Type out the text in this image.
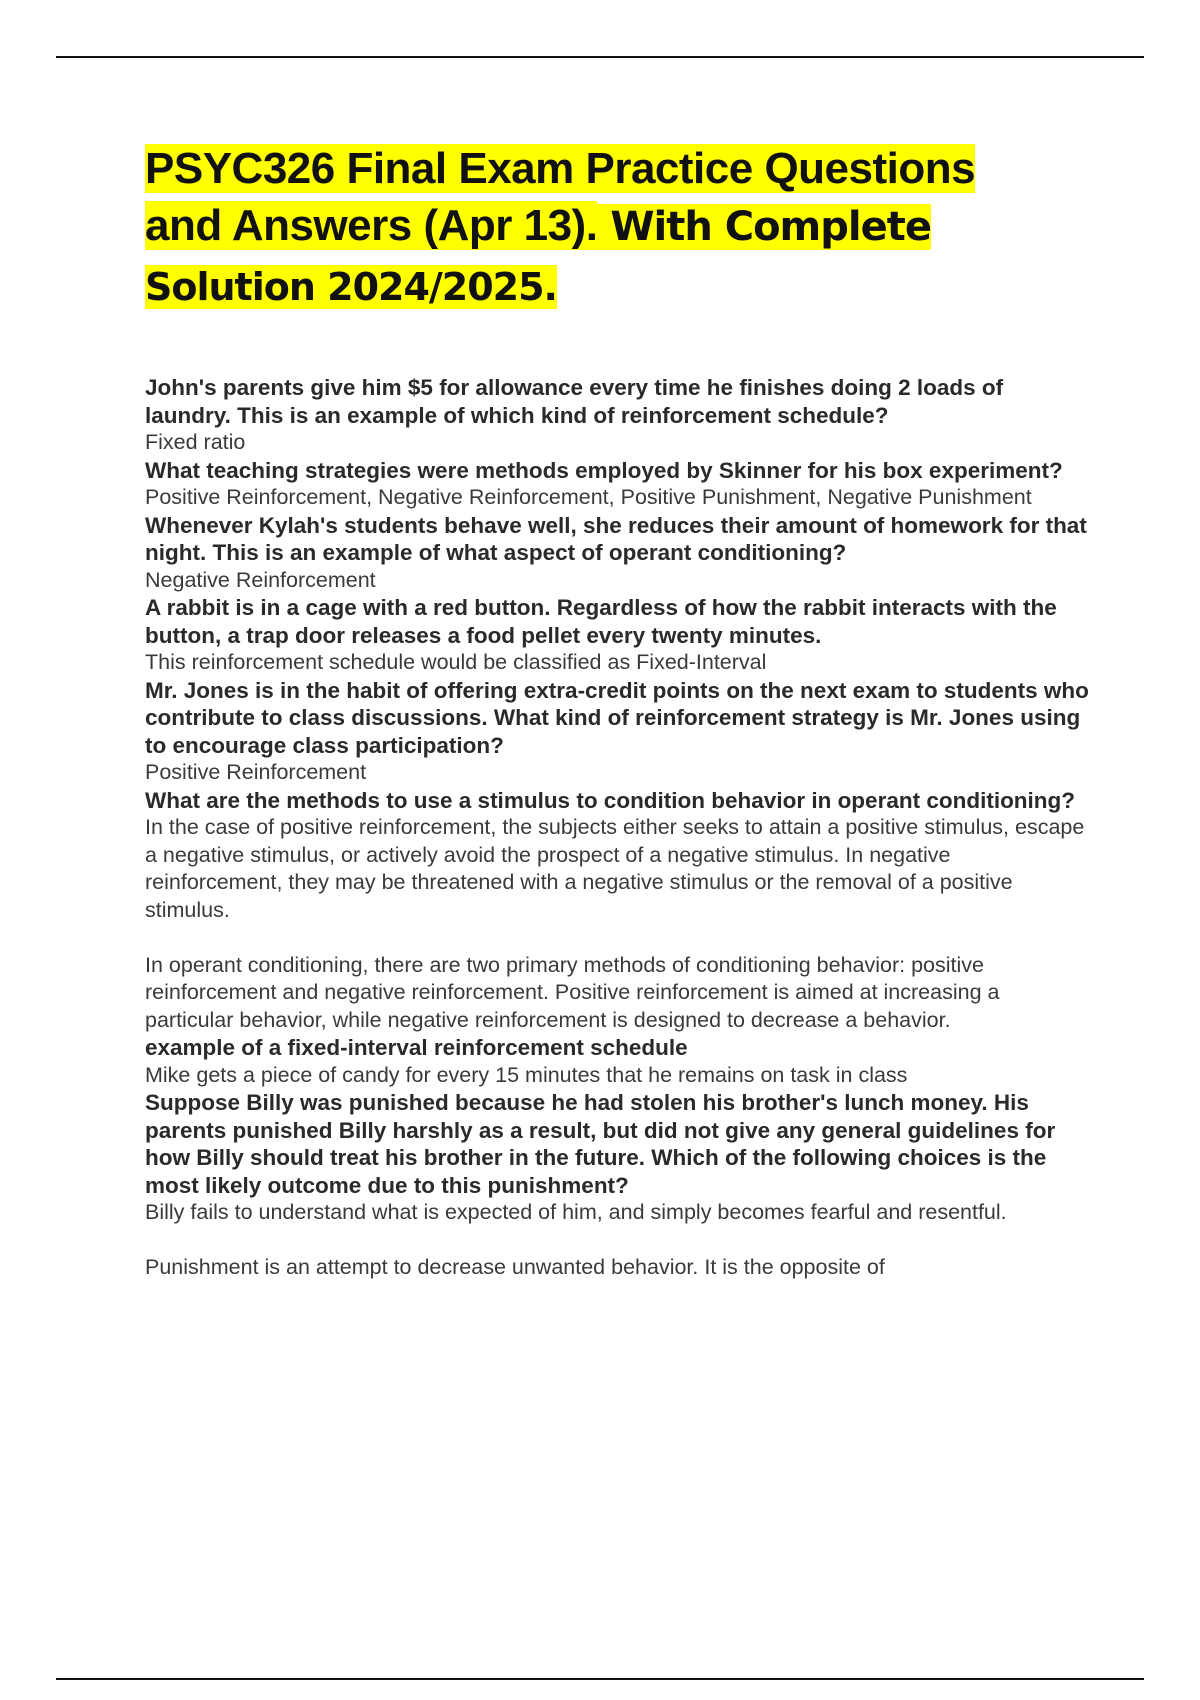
PSYC326 Final Exam Practice Questions
and Answers (Apr 13). With Complete
Solution 2024/2025.

John's parents give him $5 for allowance every time he finishes doing 2 loads of laundry. This is an example of which kind of reinforcement schedule?

Fixed ratio

What teaching strategies were methods employed by Skinner for his box experiment?

Positive Reinforcement, Negative Reinforcement, Positive Punishment, Negative Punishment

Whenever Kylah's students behave well, she reduces their amount of homework for that night. This is an example of what aspect of operant conditioning?

Negative Reinforcement

A rabbit is in a cage with a red button. Regardless of how the rabbit interacts with the button, a trap door releases a food pellet every twenty minutes.

This reinforcement schedule would be classified as Fixed-Interval

Mr. Jones is in the habit of offering extra-credit points on the next exam to students who contribute to class discussions. What kind of reinforcement strategy is Mr. Jones using to encourage class participation?

Positive Reinforcement

What are the methods to use a stimulus to condition behavior in operant conditioning?

In the case of positive reinforcement, the subjects either seeks to attain a positive stimulus, escape a negative stimulus, or actively avoid the prospect of a negative stimulus. In negative reinforcement, they may be threatened with a negative stimulus or the removal of a positive stimulus.

In operant conditioning, there are two primary methods of conditioning behavior: positive reinforcement and negative reinforcement. Positive reinforcement is aimed at increasing a particular behavior, while negative reinforcement is designed to decrease a behavior.

example of a fixed-interval reinforcement schedule

Mike gets a piece of candy for every 15 minutes that he remains on task in class

Suppose Billy was punished because he had stolen his brother's lunch money. His parents punished Billy harshly as a result, but did not give any general guidelines for how Billy should treat his brother in the future. Which of the following choices is the most likely outcome due to this punishment?

Billy fails to understand what is expected of him, and simply becomes fearful and resentful.

Punishment is an attempt to decrease unwanted behavior. It is the opposite of
